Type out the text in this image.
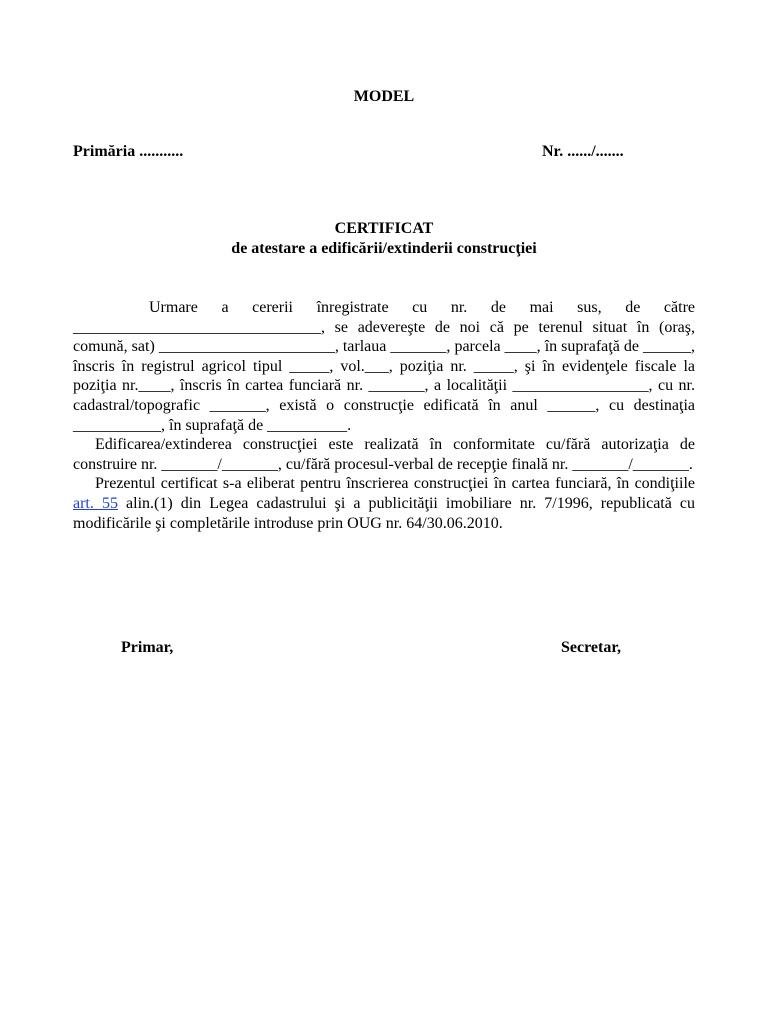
MODEL
Primăria ...........	Nr. ....../.......
CERTIFICAT
de atestare a edificării/extinderii construcţiei

Urmare a cererii înregistrate cu nr. de mai sus, de către _______________________________, se adevereşte de noi că pe terenul situat în (oraş, comună, sat) ______________________, tarlaua _______, parcela ____, în suprafaţă de ______, înscris în registrul agricol tipul _____, vol.___, poziţia nr. _____, şi în evidenţele fiscale la poziţia nr.____, înscris în cartea funciară nr. _______, a localităţii _________________, cu nr. cadastral/topografic _______, există o construcţie edificată în anul ______, cu destinaţia ___________, în suprafaţă de __________.

Edificarea/extinderea construcţiei este realizată în conformitate cu/fără autorizaţia de construire nr. _______/_______, cu/fără procesul-verbal de recepţie finală nr. _______/_______.

Prezentul certificat s-a eliberat pentru înscrierea construcţiei în cartea funciară, în condiţiile art. 55 alin.(1) din Legea cadastrului şi a publicităţii imobiliare nr. 7/1996, republicată cu modificările şi completările introduse prin OUG nr. 64/30.06.2010.

Primar,	Secretar,
